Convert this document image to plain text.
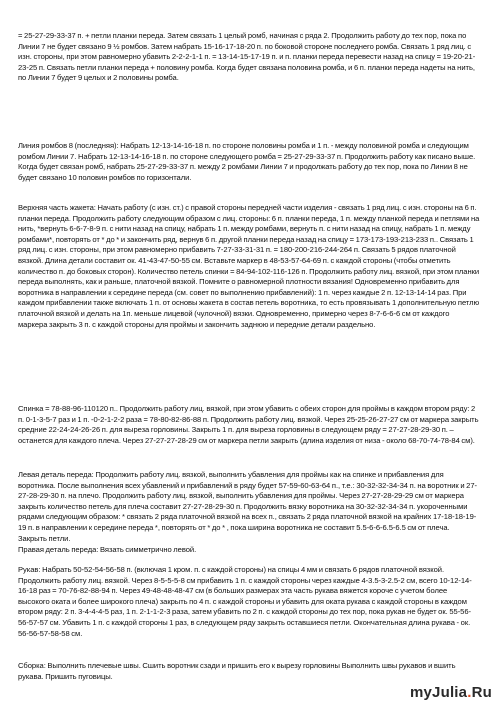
= 25-27-29-33-37 п. + петли планки переда. Затем связать 1 целый ромб, начиная с ряда 2. Продолжить работу до тех пор, пока по Линии 7 не будет связано 9 ½ ромбов. Затем набрать 15-16-17-18-20 п. по боковой стороне последнего ромба. Связать 1 ряд лиц. с изн. стороны, при этом равномерно убавить 2-2-2-1-1 п. = 13-14-15-17-19 п. и п. планки переда перевести назад на спицу = 19-20-21-23-25 п. Связать петли планки переда + половину ромба. Когда будет связана половина ромба, и 6 п. планки переда надеты на нить, по Линии 7 будет 9 целых и 2 половины ромба.

Линия ромбов 8 (последняя): Набрать 12-13-14-16-18 п. по стороне половины ромба и 1 п. - между половиной ромба и следующим ромбом Линии 7. Набрать 12-13-14-16-18 п. по стороне следующего ромба = 25-27-29-33-37 п. Продолжить работу как писано выше. Когда будет связан ромб, набрать 25-27-29-33-37 п. между 2 ромбами Линии 7 и продолжать работу до тех пор, пока по Линии 8 не будет связано 10 половин ромбов по горизонтали.

Верхняя часть жакета: Начать работу (с изн. ст.) с правой стороны передней части изделия - связать 1 ряд лиц. с изн. стороны на 6 п. планки переда. Продолжить работу следующим образом с лиц. стороны: 6 п. планки переда, 1 п. между планкой переда и петлями на нить, *вернуть 6-6-7-8-9 п. с нити назад на спицу, набрать 1 п. между ромбами, вернуть п. с нити назад на спицу, набрать 1 п. между ромбами*, повторять от * до * и закончить ряд, вернув 6 п. другой планки переда назад на спицу = 173-173-193-213-233 п.. Связать 1 ряд лиц. с изн. стороны, при этом равномерно прибавить 7-27-33-31-31 п. = 180-200-216-244-264 п. Связать 5 рядов платочной вязкой. Длина детали составит ок. 41-43-47-50-55 см. Вставьте маркер в 48-53-57-64-69 п. с каждой стороны (чтобы отметить количество п. до боковых сторон). Количество петель спинки = 84-94-102-116-126 п. Продолжить работу лиц. вязкой, при этом планки переда выполнять, как и раньше, платочной вязкой. Помните о равномерной плотности вязания! Одновременно прибавить для воротника в направлении к середине переда (см. совет по выполнению прибавлений): 1 п. через каждые 2 п. 12-13-14-14 раз. При каждом прибавлении также включать 1 п. от основы жакета в состав петель воротника, то есть провязывать 1 дополнительную петлю платочной вязкой и делать на 1п. меньше лицевой (чулочной) вязки. Одновременно, примерно через 8-7-6-6-6 см от каждого маркера закрыть 3 п. с каждой стороны для проймы и закончить заднюю и передние детали раздельно.

Спинка = 78-88-96-110120 п.. Продолжить работу лиц. вязкой, при этом убавить с обеих сторон для проймы в каждом втором ряду: 2 п. 0-1-3-5-7 раз и 1 п. -0-2-1-2-2 раза = 78-80-82-86-88 п. Продолжить работу лиц. вязкой. Через 25-25-26-27-27 см от маркера закрыть средние 22-24-24-26-26 п. для выреза горловины. Закрыть 1 п. для выреза горловины в следующем ряду = 27-27-28-29-30 п. – останется для каждого плеча. Через 27-27-27-28-29 см от маркера петли закрыть (длина изделия от низа - около 68-70-74-78-84 см).

Левая деталь переда: Продолжить работу лиц. вязкой, выполнить убавления для проймы как на спинке и прибавления для воротника. После выполнения всех убавлений и прибавлений в ряду будет 57-59-60-63-64 п., т.е.: 30-32-32-34-34 п. на воротник и 27-27-28-29-30 п. на плечо. Продолжить работу лиц. вязкой, выполнить убавления для проймы. Через 27-27-28-29-29 см от маркера закрыть количество петель для плеча составит 27-27-28-29-30 п. Продолжить вязку воротника на 30-32-32-34-34 п. укороченными рядами следующим образом: * связать 2 ряда платочной вязкой на всех п., связать 2 ряда платочной вязкой на крайних 17-18-18-19-19 п. в направлении к середине переда *, повторять от * до * , пока ширина воротника не составит 5.5-6-6-6.5-6.5 см от плеча. Закрыть петли.

Правая деталь переда: Вязать симметрично левой.

Рукав: Набрать 50-52-54-56-58 п. (включая 1 кром. п. с каждой стороны) на спицы 4 мм и связать 6 рядов платочной вязкой. Продолжить работу лиц. вязкой. Через 8-5-5-5-8 см прибавить 1 п. с каждой стороны через каждые 4-3.5-3-2.5-2 см, всего 10-12-14-16-18 раз = 70-76-82-88-94 п. Через 49-48-48-48-47 см (в больших размерах эта часть рукава вяжется короче с учетом более высокого оката и более широкого плеча) закрыть по 4 п. с каждой стороны и убавить для оката рукава с каждой стороны в каждом втором ряду: 2 п. 3-4-4-4-5 раз, 1 п. 2-1-1-2-3 раза, затем убавить по 2 п. с каждой стороны до тех пор, пока рукав не будет ок. 55-56-56-57-57 см. Убавить 1 п. с каждой стороны 1 раз, в следующем ряду закрыть оставшиеся петли. Окончательная длина рукава - ок. 56-56-57-58-58 см.

Сборка: Выполнить плечевые швы. Сшить воротник сзади и пришить его к вырезу горловины Выполнить швы рукавов и вшить рукава. Пришить пуговицы.

myJulia.Ru
